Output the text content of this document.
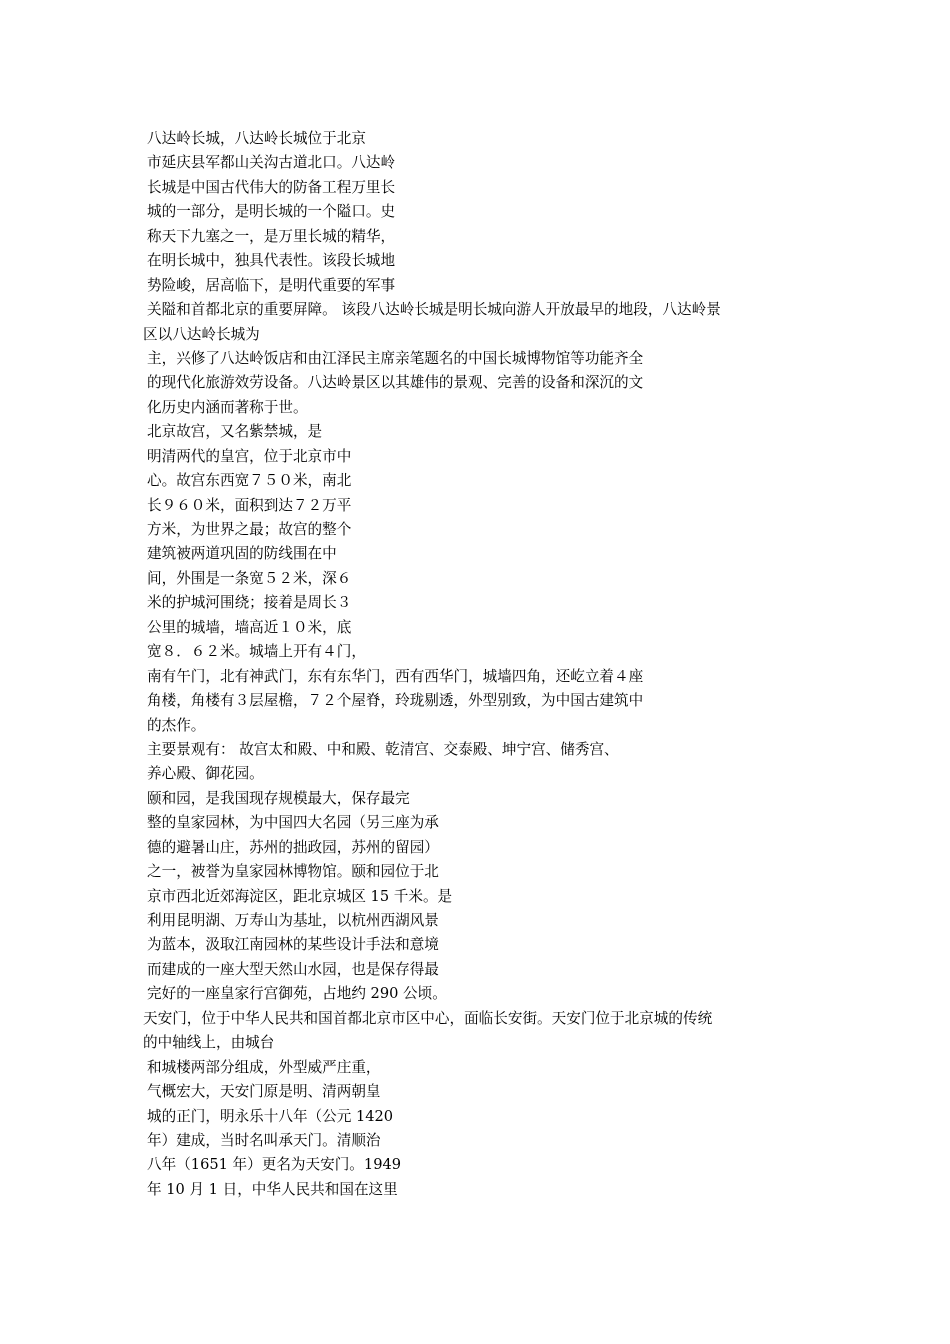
八达岭长城，八达岭长城位于北京
市延庆县军都山关沟古道北口。八达岭
长城是中国古代伟大的防备工程万里长
城的一部分，是明长城的一个隘口。史
称天下九塞之一，是万里长城的精华，
在明长城中，独具代表性。该段长城地
势险峻，居高临下，是明代重要的军事
关隘和首都北京的重要屏障。 该段八达岭长城是明长城向游人开放最早的地段，八达岭景
区以八达岭长城为
主，兴修了八达岭饭店和由江泽民主席亲笔题名的中国长城博物馆等功能齐全
的现代化旅游效劳设备。八达岭景区以其雄伟的景观、完善的设备和深沉的文
化历史内涵而著称于世。
北京故宫，又名紫禁城，是
明清两代的皇宫，位于北京市中
心。故宫东西宽７５０米，南北
长９６０米，面积到达７２万平
方米，为世界之最；故宫的整个
建筑被两道巩固的防线围在中
间，外围是一条宽５２米，深６
米的护城河围绕；接着是周长３
公里的城墙，墙高近１０米，底
宽８．６２米。城墙上开有４门，
南有午门，北有神武门，东有东华门，西有西华门，城墙四角，还屹立着４座
角楼，角楼有３层屋檐，７２个屋脊，玲珑剔透，外型别致，为中国古建筑中
的杰作。
主要景观有： 故宫太和殿、中和殿、乾清宫、交泰殿、坤宁宫、储秀宫、
养心殿、御花园。
颐和园，是我国现存规模最大，保存最完
整的皇家园林，为中国四大名园（另三座为承
德的避暑山庄，苏州的拙政园，苏州的留园）
之一，被誉为皇家园林博物馆。颐和园位于北
京市西北近郊海淀区，距北京城区 15 千米。是
利用昆明湖、万寿山为基址，以杭州西湖风景
为蓝本，汲取江南园林的某些设计手法和意境
而建成的一座大型天然山水园，也是保存得最
完好的一座皇家行宫御苑，占地约 290 公顷。
天安门，位于中华人民共和国首都北京市区中心，面临长安街。天安门位于北京城的传统
的中轴线上，由城台
和城楼两部分组成，外型威严庄重，
气概宏大，天安门原是明、清两朝皇
城的正门，明永乐十八年（公元 1420
年）建成，当时名叫承天门。清顺治
八年（1651 年）更名为天安门。1949
年 10 月 1 日，中华人民共和国在这里
